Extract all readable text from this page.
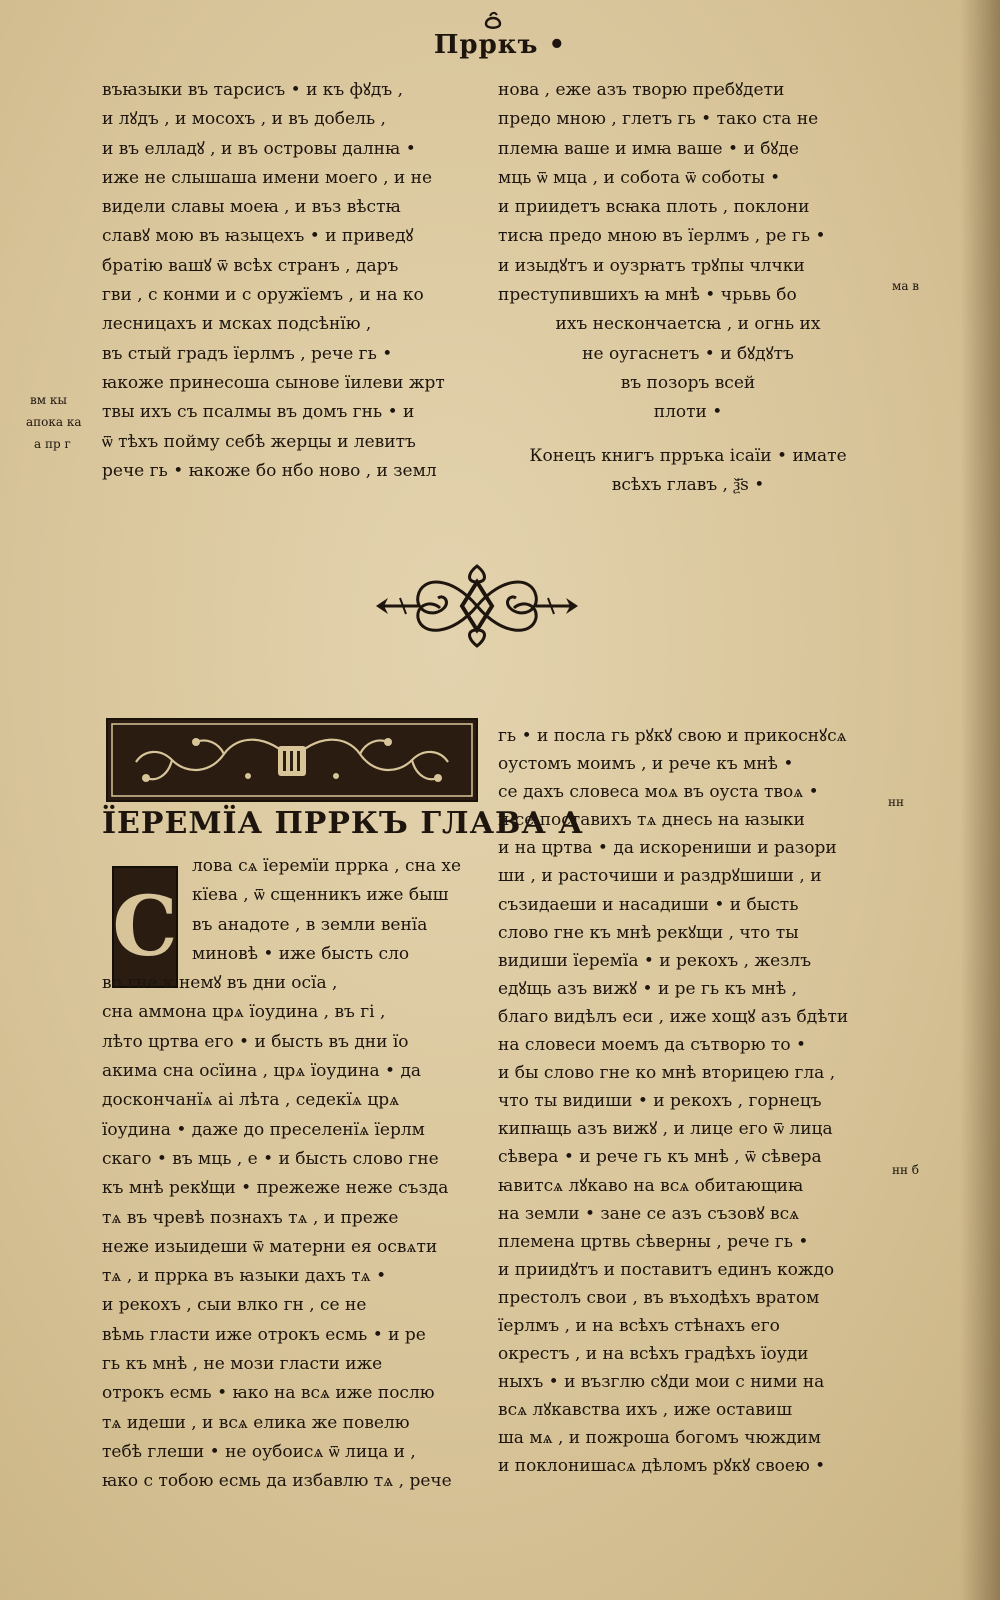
Прркъ •
въꙗзыки въ тарсисъ • и къ фꙋдъ ,
и лꙋдъ , и мосохъ , и въ добель ,
и въ елладꙋ , и въ острoвы далнꙗ •
иже не слышаша имени моего , и не
видели славы моеꙗ , и въз вѣстꙗ
славꙋ мою въ ꙗзыцехъ • и приведꙋ
братію вашꙋ ѿ всѣх странъ , даръ
гви , с конми и с оружїемъ , и на ко
лесницахъ и мсках подсѣнїю ,
въ стый градъ їерлмъ , рече гь •
ꙗкоже принесоша сынове їилеви жрт
твы ихъ съ псалмы въ домъ гнь • и
ѿ тѣхъ пойму себѣ жерцы и левитъ
рече гь • ꙗкоже бо нбо ново , и земл
нова , еже азъ творю пребꙋдети
предо мною , глетъ гь • тако ста не
племꙗ ваше и имꙗ ваше • и бꙋде
мць ѿ мца , и собота ѿ соботы •
и приидетъ всꙗка плоть , поклони
тисꙗ предо мною въ їерлмъ , ре гь •
и изыдꙋтъ и оузрꙗтъ трꙋпы члчки
преступившихъ ꙗ мнѣ • чрьвь бо
ихъ нескончаетсꙗ , и огнь их
не оугаснетъ • и бꙋдꙋтъ
въ позоръ всей
плоти •
Конецъ книгъ прръка ісаїи • имате
всѣхъ главъ , ѯ҃ѕ •
вм кы
апока ка
а пр г
ма в
нн
нн б
ЇЕРЕМЇА ПРРКЪ ГЛАВА А
С
лова сѧ їеремїи пррка , сна хе
кїева , ѿ сщенникъ иже быш
въ анадоте , в земли венїа
миновѣ • иже бысть сло
во гне к немꙋ въ дни осїа ,
сна аммона црѧ їоудина , въ гі ,
лѣто цртва его • и бысть въ дни їо
акима сна осїина , црѧ їоудина • да
доскончанїѧ аі лѣта , седекїѧ црѧ
їоудина • даже до преселенїѧ їерлм
скаго • въ мць , е • и бысть слово гне
къ мнѣ рекꙋщи • прежеже неже създа
тѧ въ чревѣ познахъ тѧ , и прежe
неже изыидеши ѿ матерни ея освѧти
тѧ , и пррка въ ꙗзыки дахъ тѧ •
и рекохъ , сыи влко гн , се не
вѣмь гласти иже отрокъ есмь • и ре
гь къ мнѣ , не мози гласти иже
отрокъ есмь • ꙗко на всѧ иже послю
тѧ идеши , и всѧ елика же повелю
тебѣ глеши • не оубоисѧ ѿ лица и ,
ꙗко с тобою есмь да избавлю тѧ , рече
гь • и посла гь рꙋкꙋ свою и прикоснꙋсѧ
оустомъ моимъ , и рече къ мнѣ •
се дахъ словеса моѧ въ оуста твоѧ •
и се поставихъ тѧ днесь на ꙗзыки
и на цртва • да искорениши и разори
ши , и расточиши и раздрꙋшиши , и
съзидаеши и насадиши • и бысть
слово гне къ мнѣ рекꙋщи , что ты
видиши їеремїа • и рекохъ , жезлъ
едꙋщь азъ вижꙋ • и ре гь къ мнѣ ,
благо видѣлъ еси , иже хощꙋ азъ бдѣти
на словеси моемъ да сътворю то •
и бы слово гне ко мнѣ вторицею гла ,
что ты видиши • и рекохъ , горнецъ
кипꙗщь азъ вижꙋ , и лице его ѿ лица
сѣвера • и рече гь къ мнѣ , ѿ сѣвера
ꙗвитсѧ лꙋкаво на всѧ обитающиꙗ
на земли • зане се азъ съзовꙋ всѧ
племена цртвь сѣверны , рече гь •
и приидꙋтъ и поставитъ единъ кождо
престолъ свои , въ въходѣхъ вратом
їерлмъ , и на всѣхъ стѣнахъ его
окрестъ , и на всѣхъ градѣхъ їоуди
ныхъ • и възглю сꙋди мои с ними на
всѧ лꙋкавства ихъ , иже оставиш
ша мѧ , и пожроша богомъ чюждим
и поклонишасѧ дѣломъ рꙋкꙋ своею •
